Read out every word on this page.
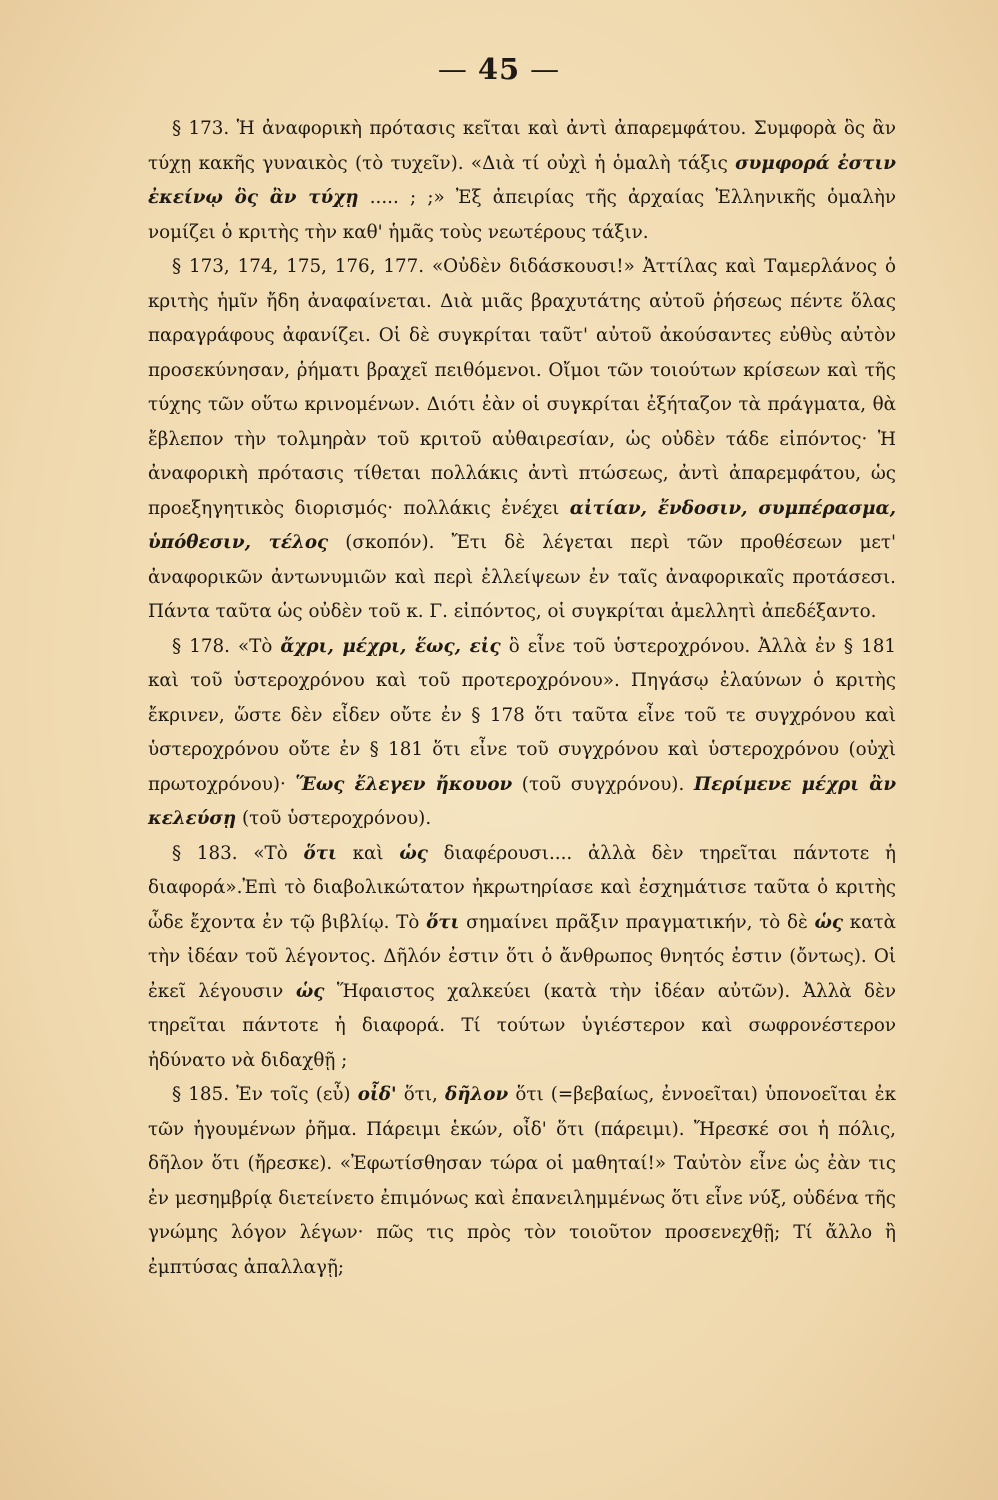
— 45 —

§ 173. Ἡ ἀναφορικὴ πρότασις κεῖται καὶ ἀντὶ ἀπαρεμφάτου. Συμφορὰ ὃς ἂν τύχῃ κακῆς γυναικὸς (τὸ τυχεῖν). «Διὰ τί οὐχὶ ἡ ὁμαλὴ τάξις συμφορά ἐστιν ἐκείνῳ ὃς ἂν τύχῃ ..... ; ;» Ἐξ ἀπειρίας τῆς ἀρχαίας Ἑλληνικῆς ὁμαλὴν νομίζει ὁ κριτὴς τὴν καθ' ἡμᾶς τοὺς νεωτέρους τάξιν.

§ 173, 174, 175, 176, 177. «Οὐδὲν διδάσκουσι!» Ἀττίλας καὶ Ταμερλάνος ὁ κριτὴς ἡμῖν ἤδη ἀναφαίνεται. Διὰ μιᾶς βραχυτάτης αὐτοῦ ῥήσεως πέντε ὅλας παραγράφους ἀφανίζει. Οἱ δὲ συγκρίται ταῦτ' αὐτοῦ ἀκούσαντες εὐθὺς αὐτὸν προσεκύνησαν, ῥήματι βραχεῖ πειθόμενοι. Οἴμοι τῶν τοιούτων κρίσεων καὶ τῆς τύχης τῶν οὕτω κρινομένων. Διότι ἐὰν οἱ συγκρίται ἐξήταζον τὰ πράγματα, θὰ ἔβλεπον τὴν τολμηρὰν τοῦ κριτοῦ αὐθαιρεσίαν, ὡς οὐδὲν τάδε εἰπόντος· Ἡ ἀναφορικὴ πρότασις τίθεται πολλάκις ἀντὶ πτώσεως, ἀντὶ ἀπαρεμφάτου, ὡς προεξηγητικὸς διορισμός· πολλάκις ἐνέχει αἰτίαν, ἔνδοσιν, συμπέρασμα, ὑπόθεσιν, τέλος (σκοπόν). Ἔτι δὲ λέγεται περὶ τῶν προθέσεων μετ' ἀναφορικῶν ἀντωνυμιῶν καὶ περὶ ἐλλείψεων ἐν ταῖς ἀναφορικαῖς προτάσεσι. Πάντα ταῦτα ὡς οὐδὲν τοῦ κ. Γ. εἰπόντος, οἱ συγκρίται ἀμελλητὶ ἀπεδέξαντο.

§ 178. «Τὸ ἄχρι, μέχρι, ἕως, εἰς ὃ εἶνε τοῦ ὑστεροχρόνου. Ἀλλὰ ἐν § 181 καὶ τοῦ ὑστεροχρόνου καὶ τοῦ προτεροχρόνου». Πηγάσῳ ἐλαύνων ὁ κριτὴς ἔκρινεν, ὥστε δὲν εἶδεν οὔτε ἐν § 178 ὅτι ταῦτα εἶνε τοῦ τε συγχρόνου καὶ ὑστεροχρόνου οὔτε ἐν § 181 ὅτι εἶνε τοῦ συγχρόνου καὶ ὑστεροχρόνου (οὐχὶ πρωτοχρόνου)· Ἕως ἔλεγεν ἤκουον (τοῦ συγχρόνου). Περίμενε μέχρι ἂν κελεύσῃ (τοῦ ὑστεροχρόνου).

§ 183. «Τὸ ὅτι καὶ ὡς διαφέρουσι.... ἀλλὰ δὲν τηρεῖται πάντοτε ἡ διαφορά».Ἐπὶ τὸ διαβολικώτατον ἠκρωτηρίασε καὶ ἐσχημάτισε ταῦτα ὁ κριτὴς ὧδε ἔχοντα ἐν τῷ βιβλίῳ. Τὸ ὅτι σημαίνει πρᾶξιν πραγματικήν, τὸ δὲ ὡς κατὰ τὴν ἰδέαν τοῦ λέγοντος. Δῆλόν ἐστιν ὅτι ὁ ἄνθρωπος θνητός ἐστιν (ὄντως). Οἱ ἐκεῖ λέγουσιν ὡς Ἥφαιστος χαλκεύει (κατὰ τὴν ἰδέαν αὐτῶν). Ἀλλὰ δὲν τηρεῖται πάντοτε ἡ διαφορά. Τί τούτων ὑγιέστερον καὶ σωφρονέστερον ἠδύνατο νὰ διδαχθῇ ;

§ 185. Ἐν τοῖς (εὖ) οἶδ' ὅτι, δῆλον ὅτι (=βεβαίως, ἐννοεῖται) ὑπονοεῖται ἐκ τῶν ἡγουμένων ῥῆμα. Πάρειμι ἑκών, οἶδ' ὅτι (πάρειμι). Ἤρεσκέ σοι ἡ πόλις, δῆλον ὅτι (ἤρεσκε). «Ἐφωτίσθησαν τώρα οἱ μαθηταί!» Ταὐτὸν εἶνε ὡς ἐὰν τις ἐν μεσημβρίᾳ διετείνετο ἐπιμόνως καὶ ἐπανειλημμένως ὅτι εἶνε νύξ, οὐδένα τῆς γνώμης λόγον λέγων· πῶς τις πρὸς τὸν τοιοῦτον προσενεχθῇ; Τί ἄλλο ἢ ἐμπτύσας ἀπαλλαγῇ;
